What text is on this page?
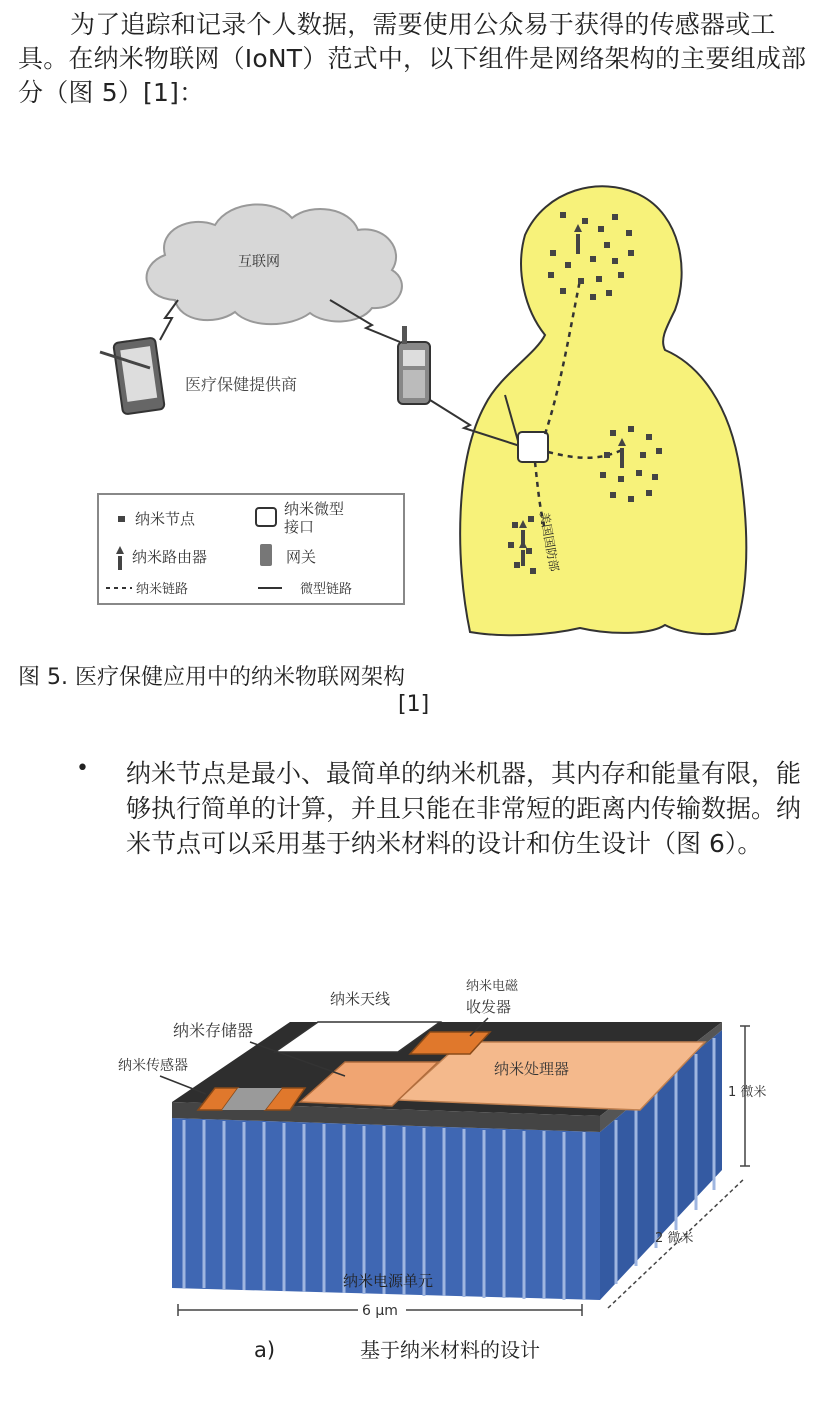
为了追踪和记录个人数据，需要使用公众易于获得的传感器或工具。在纳米物联网（IoNT）范式中，以下组件是网络架构的主要组成部分（图 5）[1]：
互联网
医疗保健提供商
美国国防部
纳米节点
纳米微型
接口
纳米路由器	网关
纳米链路	微型链路
图 5. 医疗保健应用中的纳米物联网架构
[1]
• 纳米节点是最小、最简单的纳米机器，其内存和能量有限，能够执行简单的计算，并且只能在非常短的距离内传输数据。纳米节点可以采用基于纳米材料的设计和仿生设计（图 6）。
纳米天线
纳米电磁
收发器
纳米存储器
纳米传感器	纳米处理器
1 微米
2 微米
纳米电源单元
6 μm
a)	基于纳米材料的设计
